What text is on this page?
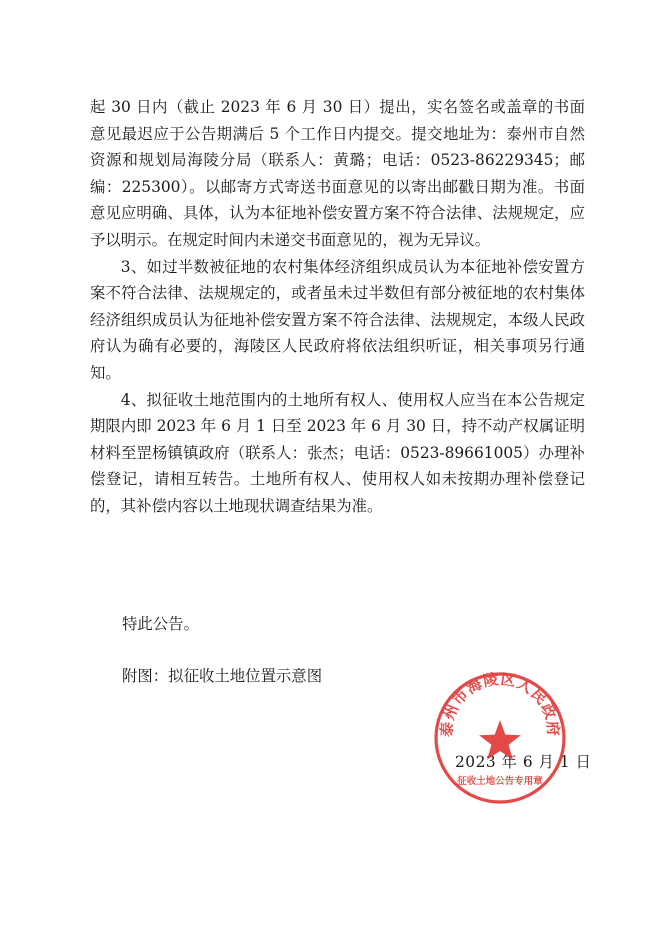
起 30 日内（截止 2023 年 6 月 30 日）提出，实名签名或盖章的书面意见最迟应于公告期满后 5 个工作日内提交。提交地址为：泰州市自然资源和规划局海陵分局（联系人：黄璐；电话：0523-86229345；邮编：225300）。以邮寄方式寄送书面意见的以寄出邮戳日期为准。书面意见应明确、具体，认为本征地补偿安置方案不符合法律、法规规定，应予以明示。在规定时间内未递交书面意见的，视为无异议。

3、如过半数被征地的农村集体经济组织成员认为本征地补偿安置方案不符合法律、法规规定的，或者虽未过半数但有部分被征地的农村集体经济组织成员认为征地补偿安置方案不符合法律、法规规定，本级人民政府认为确有必要的，海陵区人民政府将依法组织听证，相关事项另行通知。

4、拟征收土地范围内的土地所有权人、使用权人应当在本公告规定期限内即 2023 年 6 月 1 日至 2023 年 6 月 30 日，持不动产权属证明材料至罡杨镇镇政府（联系人：张杰；电话：0523-89661005）办理补偿登记，请相互转告。土地所有权人、使用权人如未按期办理补偿登记的，其补偿内容以土地现状调查结果为准。

特此公告。
附图：拟征收土地位置示意图
2023 年 6 月 1 日
泰州市海陵区人民政府
征收土地公告专用章
